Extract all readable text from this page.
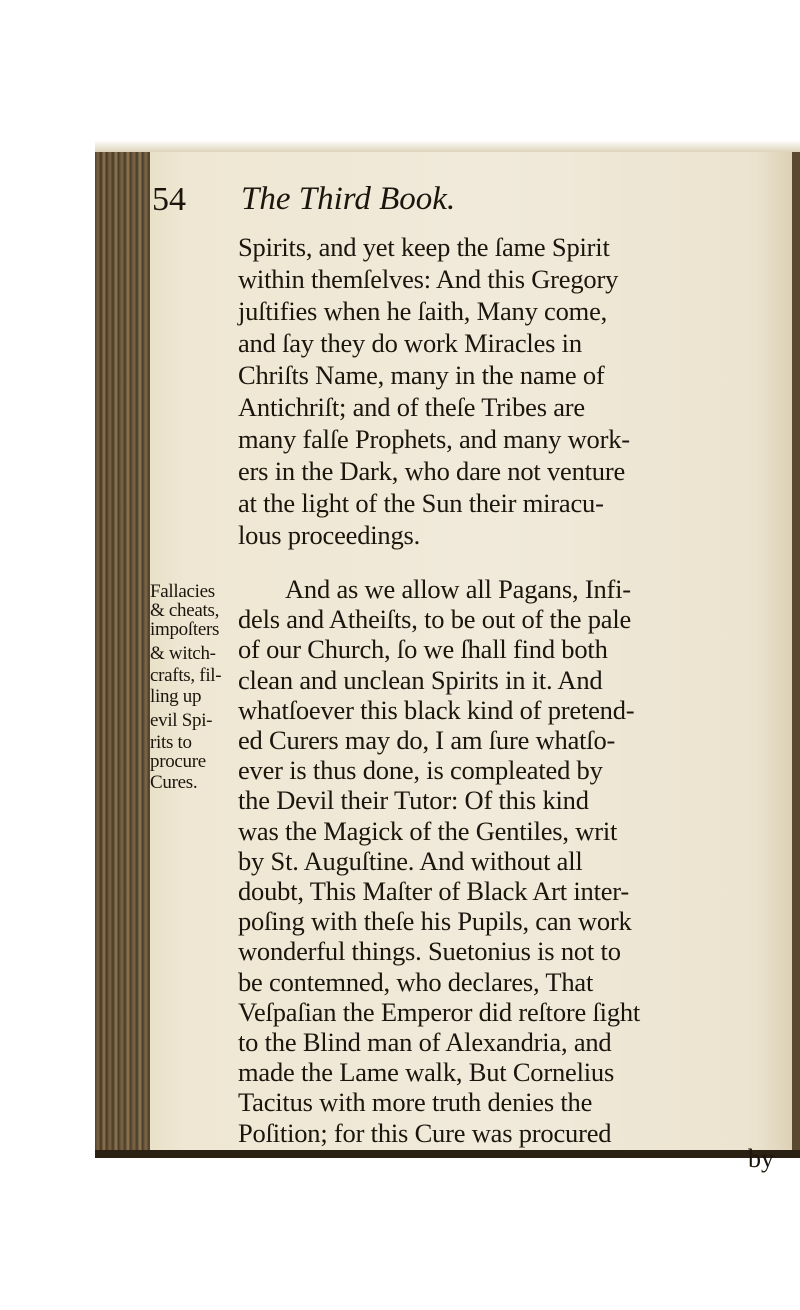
54 The Third Book.
Spirits, and yet keep the ſame Spirit
within themſelves: And this Gregory
juſtifies when he ſaith, Many come,
and ſay they do work Miracles in
Chriſts Name, many in the name of
Antichriſt; and of theſe Tribes are
many falſe Prophets, and many work-
ers in the Dark, who dare not venture
at the light of the Sun their miracu-
lous proceedings.
And as we allow all Pagans, Infi-
dels and Atheiſts, to be out of the pale
of our Church, ſo we ſhall find both
clean and unclean Spirits in it. And
whatſoever this black kind of pretend-
ed Curers may do, I am ſure whatſo-
ever is thus done, is compleated by
the Devil their Tutor: Of this kind
was the Magick of the Gentiles, writ
by St. Auguſtine. And without all
doubt, This Maſter of Black Art inter-
poſing with theſe his Pupils, can work
wonderful things. Suetonius is not to
be contemned, who declares, That
Veſpaſian the Emperor did reſtore ſight
to the Blind man of Alexandria, and
made the Lame walk, But Cornelius
Tacitus with more truth denies the
Fallacies
& cheats,
impoſters
& witch-
crafts, fil-
ling up
evil Spi-
rits to
procure
Cures.
Poſition; for this Cure was procured
by
